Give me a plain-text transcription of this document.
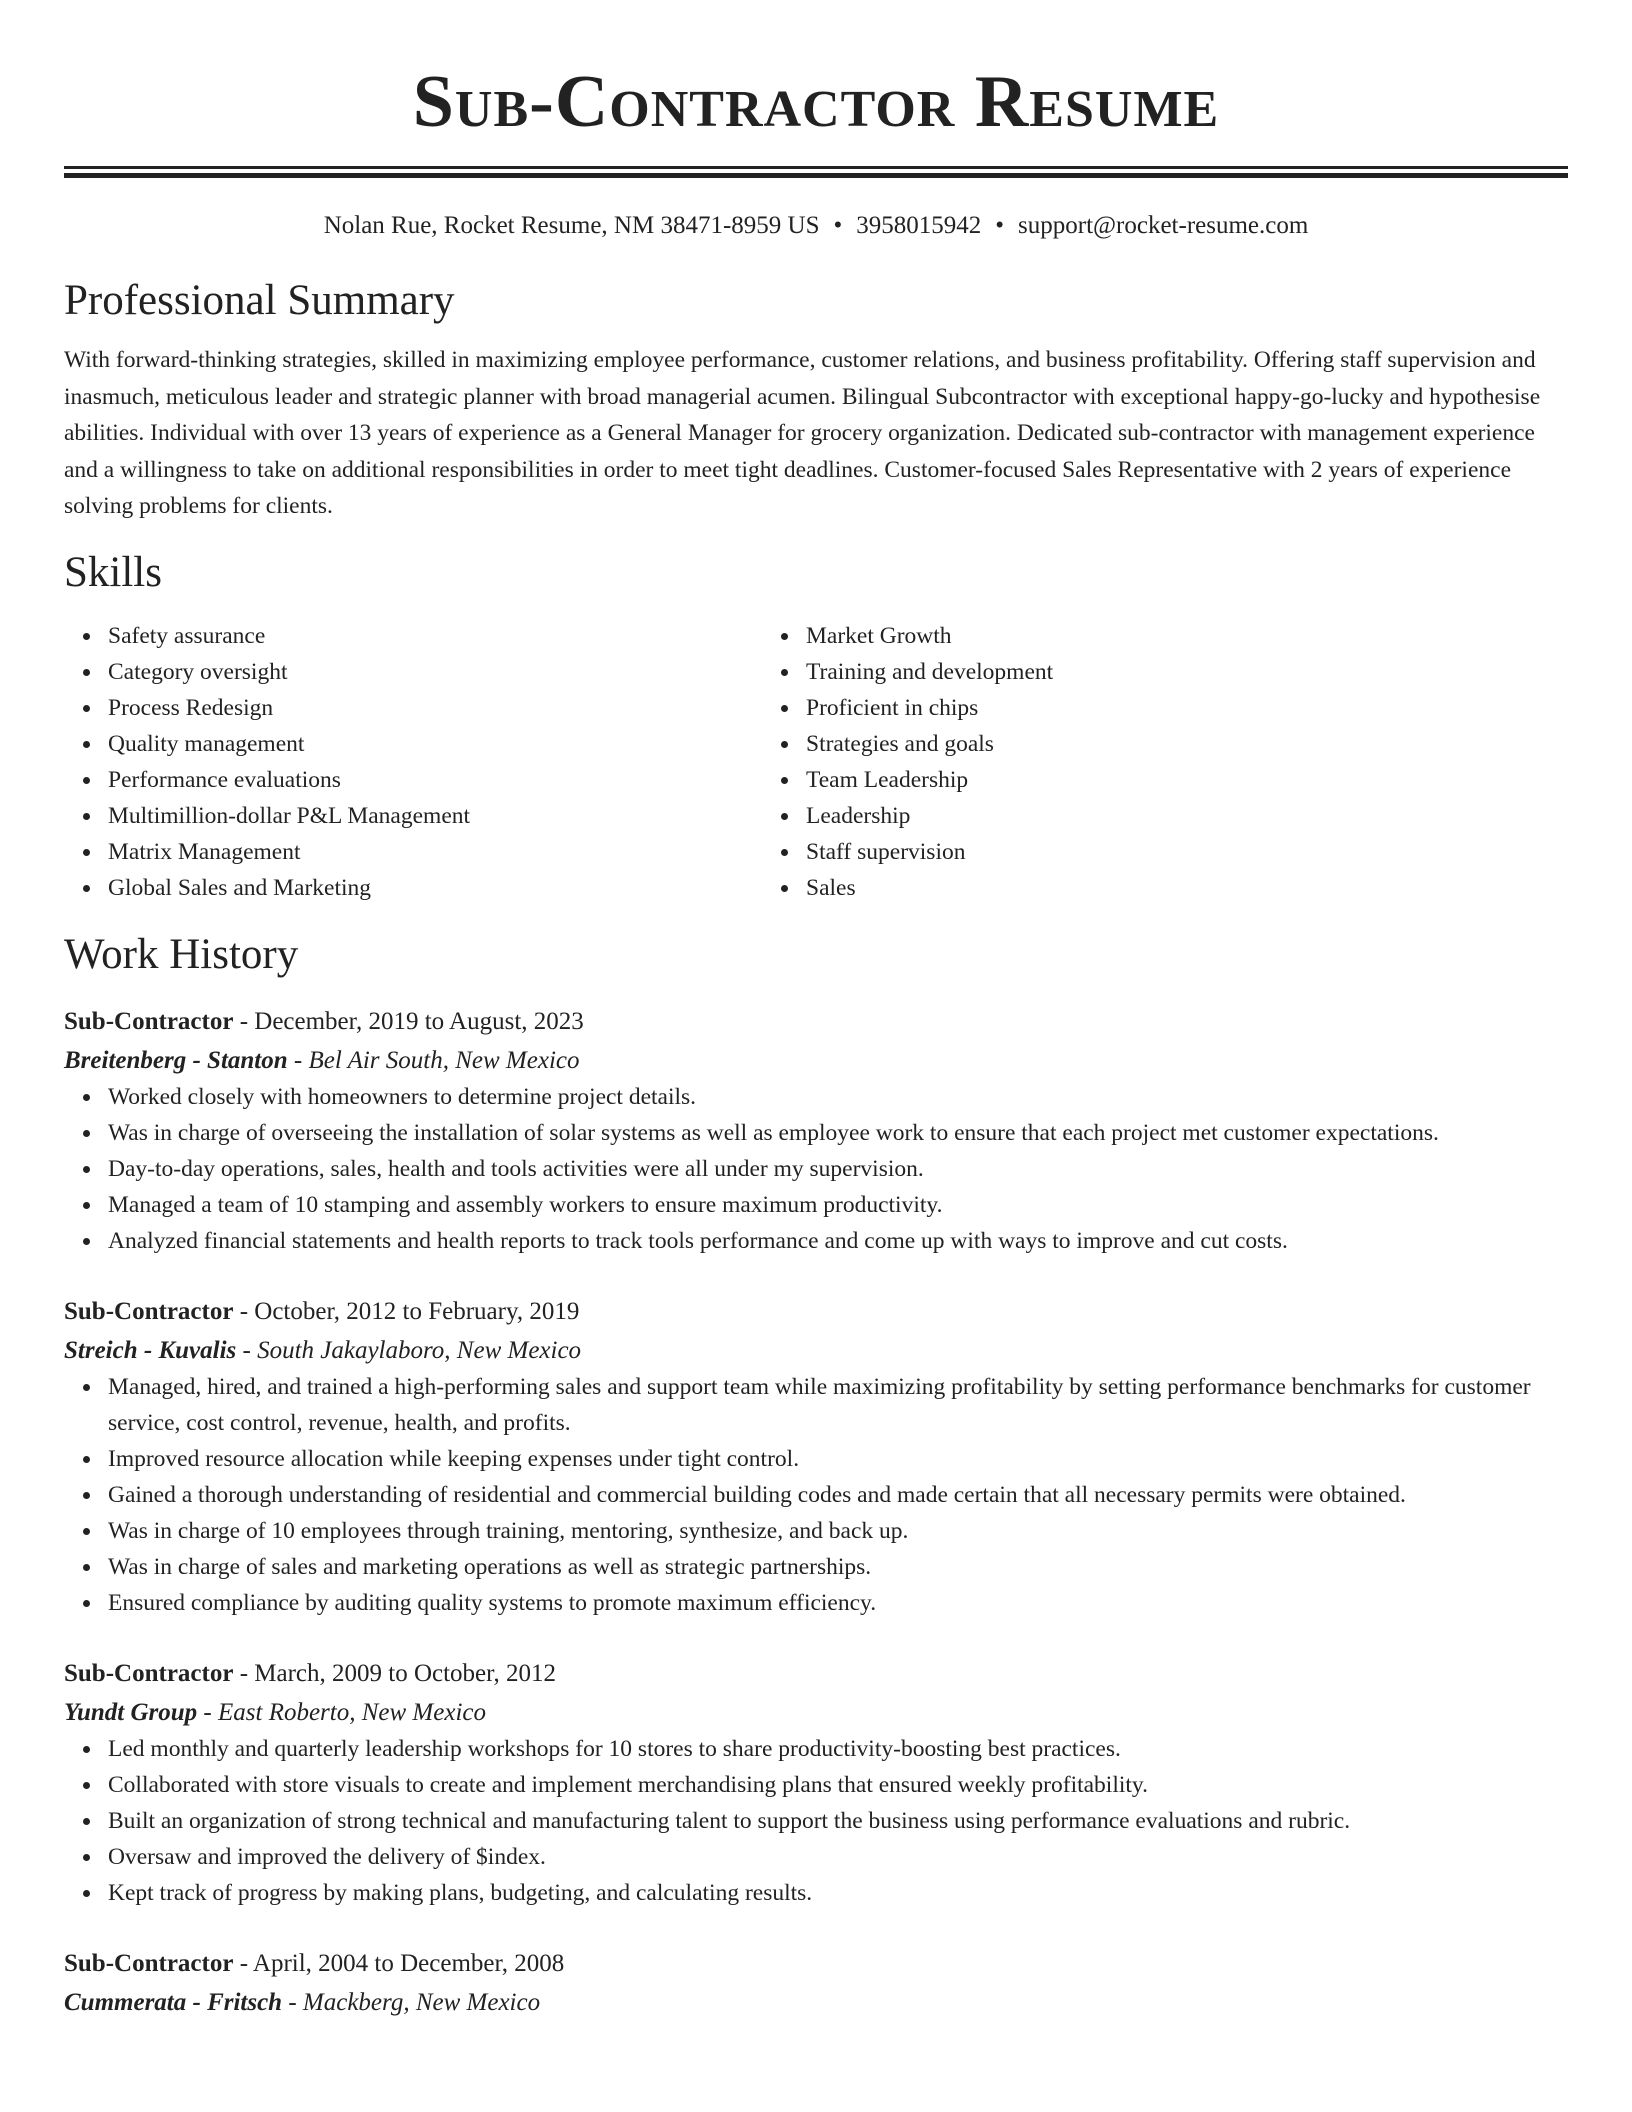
Sub-Contractor Resume
Nolan Rue, Rocket Resume, NM 38471-8959 US • 3958015942 • support@rocket-resume.com
Professional Summary

With forward-thinking strategies, skilled in maximizing employee performance, customer relations, and business profitability. Offering staff supervision and inasmuch, meticulous leader and strategic planner with broad managerial acumen. Bilingual Subcontractor with exceptional happy-go-lucky and hypothesise abilities. Individual with over 13 years of experience as a General Manager for grocery organization. Dedicated sub-contractor with management experience and a willingness to take on additional responsibilities in order to meet tight deadlines. Customer-focused Sales Representative with 2 years of experience solving problems for clients.

Skills
Safety assurance
Category oversight
Process Redesign
Quality management
Performance evaluations
Multimillion-dollar P&L Management
Matrix Management
Global Sales and Marketing
Market Growth
Training and development
Proficient in chips
Strategies and goals
Team Leadership
Leadership
Staff supervision
Sales
Work History
Sub-Contractor - December, 2019 to August, 2023
Breitenberg - Stanton - Bel Air South, New Mexico
Worked closely with homeowners to determine project details.
Was in charge of overseeing the installation of solar systems as well as employee work to ensure that each project met customer expectations.
Day-to-day operations, sales, health and tools activities were all under my supervision.
Managed a team of 10 stamping and assembly workers to ensure maximum productivity.
Analyzed financial statements and health reports to track tools performance and come up with ways to improve and cut costs.
Sub-Contractor - October, 2012 to February, 2019
Streich - Kuvalis - South Jakaylaboro, New Mexico
Managed, hired, and trained a high-performing sales and support team while maximizing profitability by setting performance benchmarks for customer service, cost control, revenue, health, and profits.
Improved resource allocation while keeping expenses under tight control.
Gained a thorough understanding of residential and commercial building codes and made certain that all necessary permits were obtained.
Was in charge of 10 employees through training, mentoring, synthesize, and back up.
Was in charge of sales and marketing operations as well as strategic partnerships.
Ensured compliance by auditing quality systems to promote maximum efficiency.
Sub-Contractor - March, 2009 to October, 2012
Yundt Group - East Roberto, New Mexico
Led monthly and quarterly leadership workshops for 10 stores to share productivity-boosting best practices.
Collaborated with store visuals to create and implement merchandising plans that ensured weekly profitability.
Built an organization of strong technical and manufacturing talent to support the business using performance evaluations and rubric.
Oversaw and improved the delivery of $index.
Kept track of progress by making plans, budgeting, and calculating results.
Sub-Contractor - April, 2004 to December, 2008
Cummerata - Fritsch - Mackberg, New Mexico
